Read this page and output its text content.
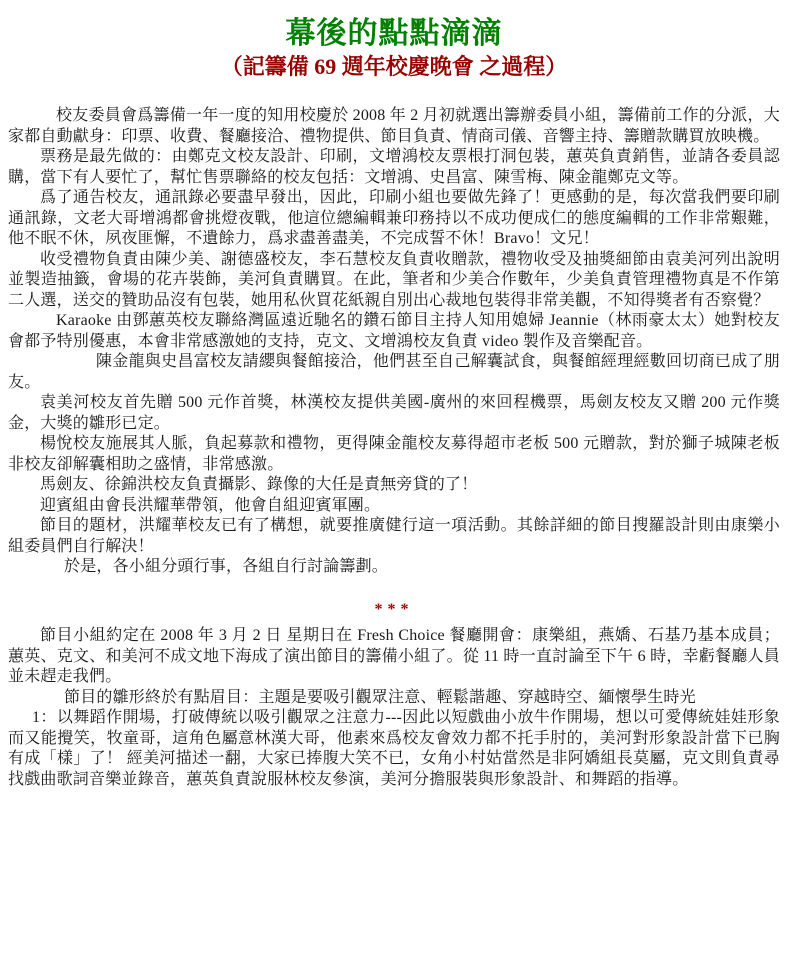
幕後的點點滴滴
（記籌備 69 週年校慶晚會 之過程）

校友委員會爲籌備一年一度的知用校慶於 2008 年 2 月初就選出籌辦委員小組，籌備前工作的分派，大家都自動獻身：印票、收費、餐廳接洽、禮物提供、節目負責、情商司儀、音響主持、籌贈款購買放映機。

票務是最先做的：由鄭克文校友設計、印刷，文增鴻校友票根打洞包裝，蕙英負責銷售，並請各委員認購，當下有人要忙了，幫忙售票聯絡的校友包括：文增鴻、史昌富、陳雪梅、陳金龍鄭克文等。

爲了通告校友，通訊錄必要盡早發出，因此，印刷小組也要做先鋒了！更感動的是，每次當我們要印刷通訊錄，文老大哥增鴻都會挑燈夜戰，他這位總編輯兼印務持以不成功便成仁的態度編輯的工作非常艱難，他不眠不休，夙夜匪懈，不遺餘力，爲求盡善盡美，不完成誓不休！Bravo！文兄！

收受禮物負責由陳少美、謝德盛校友，李石慧校友負責收贈款，禮物收受及抽獎細節由袁美河列出說明並製造抽籤，會場的花卉裝飾，美河負責購買。在此，筆者和少美合作數年，少美負責管理禮物真是不作第二人選，送交的贊助品沒有包裝，她用私伙買花紙親自別出心裁地包裝得非常美觀，不知得獎者有否察覺？

Karaoke 由鄧蕙英校友聯絡灣區遠近馳名的鑽石節目主持人知用媳婦 Jeannie（林雨豪太太）她對校友會都予特別優惠，本會非常感激她的支持，克文、文增鴻校友負責 video 製作及音樂配音。

陳金龍與史昌富校友請纓與餐館接洽，他們甚至自己解囊試食，與餐館經理經數回切商已成了朋友。

袁美河校友首先贈 500 元作首獎，林漢校友提供美國-廣州的來回程機票，馬劍友校友又贈 200 元作獎金，大獎的雛形已定。

楊悅校友施展其人脈，負起募款和禮物，更得陳金龍校友募得超市老板 500 元贈款，對於獅子城陳老板非校友卻解囊相助之盛情，非常感激。

馬劍友、徐錦洪校友負責攝影、錄像的大任是責無旁貸的了！

迎賓組由會長洪耀華帶領，他會自組迎賓軍團。

節目的題材，洪耀華校友已有了構想，就要推廣健行這一項活動。其餘詳細的節目搜羅設計則由康樂小組委員們自行解決！

於是，各小組分頭行事，各組自行討論籌劃。

***

節目小組約定在 2008 年 3 月 2 日 星期日在 Fresh Choice 餐廳開會：康樂組，燕嬌、石基乃基本成員；蕙英、克文、和美河不成文地下海成了演出節目的籌備小組了。從 11 時一直討論至下午 6 時，幸虧餐廳人員並未趕走我們。

節目的雛形終於有點眉目：主題是要吸引觀眾注意、輕鬆諧趣、穿越時空、緬懷學生時光

1：以舞蹈作開場，打破傳統以吸引觀眾之注意力---因此以短戲曲小放牛作開場，想以可愛傳統娃娃形象而又能攪笑，牧童哥，這角色屬意林漢大哥，他素來爲校友會效力都不托手肘的，美河對形象設計當下已胸有成「樣」了！ 經美河描述一翻，大家已捧腹大笑不已，女角小村姑當然是非阿嬌組長莫屬，克文則負責尋找戲曲歌詞音樂並錄音，蕙英負責說服林校友參演，美河分擔服裝與形象設計、和舞蹈的指導。
